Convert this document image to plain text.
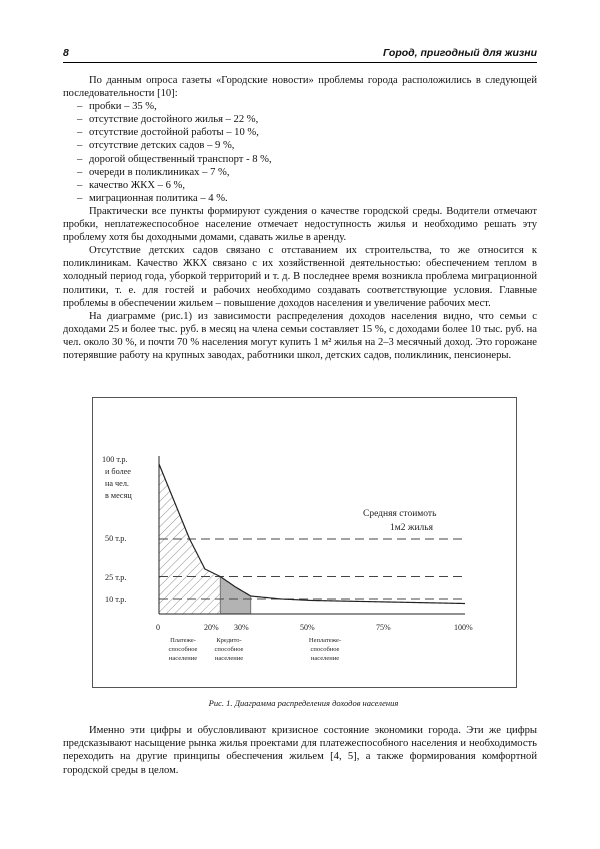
8	Город, пригодный для жизни

По данным опроса газеты «Городские новости» проблемы города расположились в следующей последовательности [10]:

– пробки – 35 %,
– отсутствие достойного жилья – 22 %,
– отсутствие достойной работы – 10 %,
– отсутствие детских садов – 9 %,
– дорогой общественный транспорт - 8 %,
– очереди в поликлиниках – 7 %,
– качество ЖКХ – 6 %,
– миграционная политика – 4 %.

Практически все пункты формируют суждения о качестве городской среды. Водители отмечают пробки, неплатежеспособное население отмечает недоступность жилья и необходимо решать эту проблему хотя бы доходными домами, сдавать жилье в аренду.

Отсутствие детских садов связано с отставанием их строительства, то же относится к поликлиникам. Качество ЖКХ связано с их хозяйственной деятельностью: обеспечением теплом в холодный период года, уборкой территорий и т. д. В последнее время возникла проблема миграционной политики, т. е. для гостей и рабочих необходимо создавать соответствующие условия. Главные проблемы в обеспечении жильем – повышение доходов населения и увеличение рабочих мест.

На диаграмме (рис.1) из зависимости распределения доходов населения видно, что семьи с доходами 25 и более тыс. руб. в месяц на члена семьи составляет 15 %, с доходами более 10 тыс. руб. на чел. около 30 %, и почти 70 % населения могут купить 1 м² жилья на 2–3 месячный доход. Это горожане потерявшие работу на крупных заводах, работники школ, детских садов, поликлиник, пенсионеры.

100 т.р.
и более
на чел.
в месяц
50 т.р.
25 т.р.
10 т.р.
0	20% 30%	50%	75%	100%
Средняя стоимоть
1м2 жилья
Платеже-
способное
население
Кредито-
способное
население
Неплатеже-
способное
население
Рис. 1. Диаграмма распределения доходов населения

Именно эти цифры и обусловливают кризисное состояние экономики города. Эти же цифры предсказывают насыщение рынка жилья проектами для платежеспособного населения и необходимость переходить на другие принципы обеспечения жильем [4, 5], а также формирования комфортной городской среды в целом.
